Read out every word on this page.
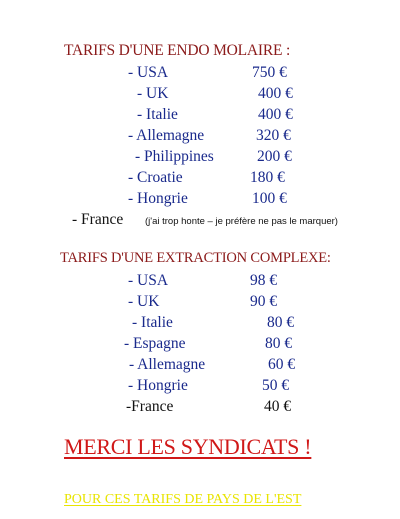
TARIFS D'UNE ENDO MOLAIRE :
- USA	750 €
- UK	400 €
- Italie	400 €
- Allemagne	320 €
- Philippines	200 €
- Croatie	180 €
- Hongrie	100 €
- France (j'ai trop honte – je préfère ne pas le marquer)
TARIFS D'UNE EXTRACTION COMPLEXE:
- USA	98 €
- UK	90 €
- Italie	80 €
- Espagne	80 €
- Allemagne	60 €
- Hongrie	50 €
-France	40 €
MERCI LES SYNDICATS !
POUR CES TARIFS DE PAYS DE L'EST
